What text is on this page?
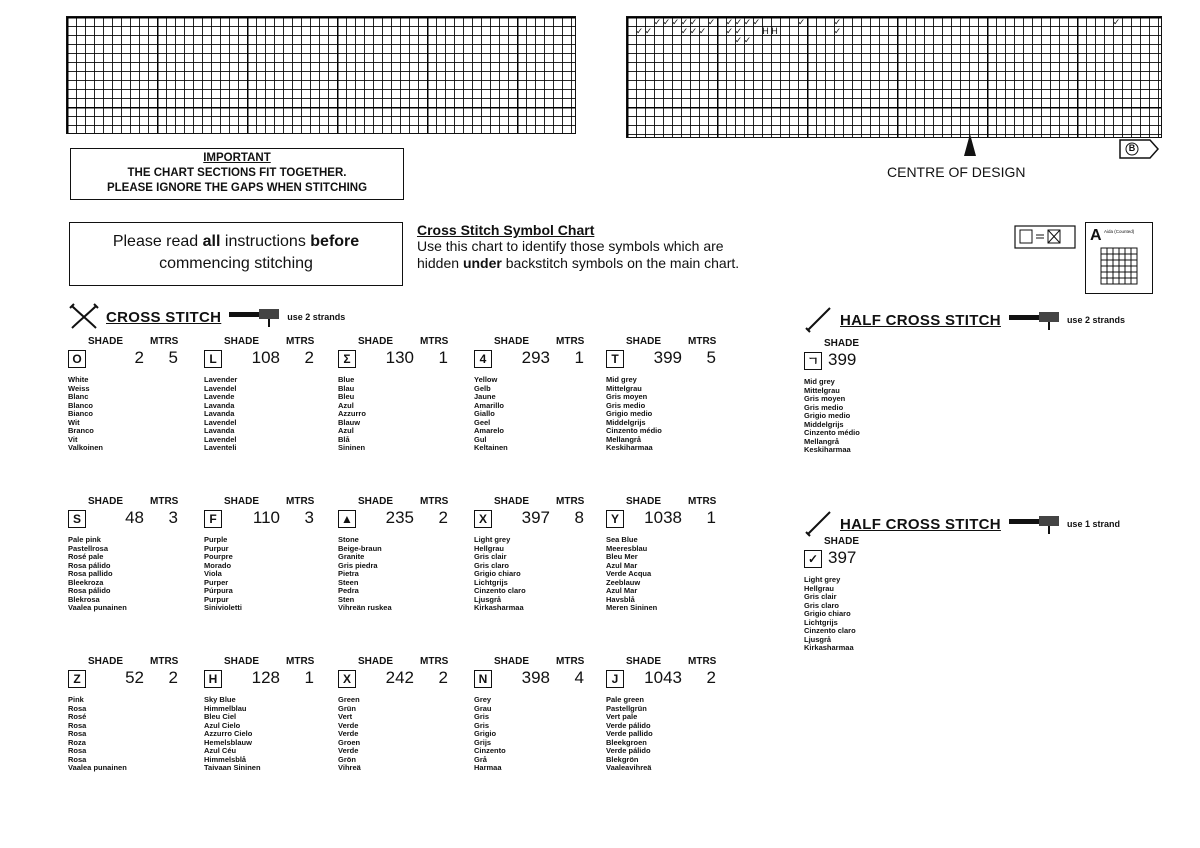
✓ ✓ ✓ ✓ ✓ ✓ ✓ ✓ ✓ ✓	✓	✓	✓
✓ ✓	✓ ✓ ✓ ✓ ✓ H H	✓
✓ ✓
CENTRE OF DESIGN
B
IMPORTANT
THE CHART SECTIONS FIT TOGETHER.
PLEASE IGNORE THE GAPS WHEN STITCHING
Please read all instructions before
commencing stitching
Cross Stitch Symbol Chart
Use this chart to identify those symbols which are
hidden under backstitch symbols on the main chart.
A Aida (Counted)
CROSS STITCH	use 2 strands
SHADE	MTRS
O	2	5
White
Weiss
Blanc
Blanco
Bianco
Wit
Branco
Vit
Valkoinen
SHADE	MTRS
L	108	2
Lavender
Lavendel
Lavende
Lavanda
Lavanda
Lavendel
Lavanda
Lavendel
Laventeli
SHADE	MTRS
Σ	130	1
Blue
Blau
Bleu
Azul
Azzurro
Blauw
Azul
Blå
Sininen
SHADE	MTRS
4	293	1
Yellow
Gelb
Jaune
Amarillo
Giallo
Geel
Amarelo
Gul
Keltainen
SHADE	MTRS
T	399	5
Mid grey
Mittelgrau
Gris moyen
Gris medio
Grigio medio
Middelgrijs
Cinzento médio
Mellangrå
Keskiharmaa
SHADE	MTRS
S	48	3
Pale pink
Pastellrosa
Rosé pale
Rosa pálido
Rosa pallido
Bleekroza
Rosa pálido
Blekrosa
Vaalea punainen
SHADE	MTRS
F	110	3
Purple
Purpur
Pourpre
Morado
Viola
Purper
Púrpura
Purpur
Sinivioletti
SHADE	MTRS
▲	235	2
Stone
Beige-braun
Granite
Gris piedra
Pietra
Steen
Pedra
Sten
Vihreän ruskea
SHADE	MTRS
X	397	8
Light grey
Hellgrau
Gris clair
Gris claro
Grigio chiaro
Lichtgrijs
Cinzento claro
Ljusgrå
Kirkasharmaa
SHADE	MTRS
Y	1038	1
Sea Blue
Meeresblau
Bleu Mer
Azul Mar
Verde Acqua
Zeeblauw
Azul Mar
Havsblå
Meren Sininen
SHADE	MTRS
Z	52	2
Pink
Rosa
Rosé
Rosa
Rosa
Roza
Rosa
Rosa
Vaalea punainen
SHADE	MTRS
H	128	1
Sky Blue
Himmelblau
Bleu Ciel
Azul Cielo
Azzurro Cielo
Hemelsblauw
Azul Céu
Himmelsblå
Taivaan Sininen
SHADE	MTRS
X	242	2
Green
Grün
Vert
Verde
Verde
Groen
Verde
Grön
Vihreä
SHADE	MTRS
N	398	4
Grey
Grau
Gris
Gris
Grigio
Grijs
Cinzento
Grå
Harmaa
SHADE	MTRS
J	1043	2
Pale green
Pastellgrün
Vert pale
Verde pálido
Verde pallido
Bleekgroen
Verde pálido
Blekgrön
Vaaleavihreä
HALF CROSS STITCH	use 2 strands
SHADE
ㄱ 399
Mid grey
Mittelgrau
Gris moyen
Gris medio
Grigio medio
Middelgrijs
Cinzento médio
Mellangrå
Keskiharmaa
HALF CROSS STITCH	use 1 strand
SHADE
✓ 397
Light grey
Hellgrau
Gris clair
Gris claro
Grigio chiaro
Lichtgrijs
Cinzento claro
Ljusgrå
Kirkasharmaa
